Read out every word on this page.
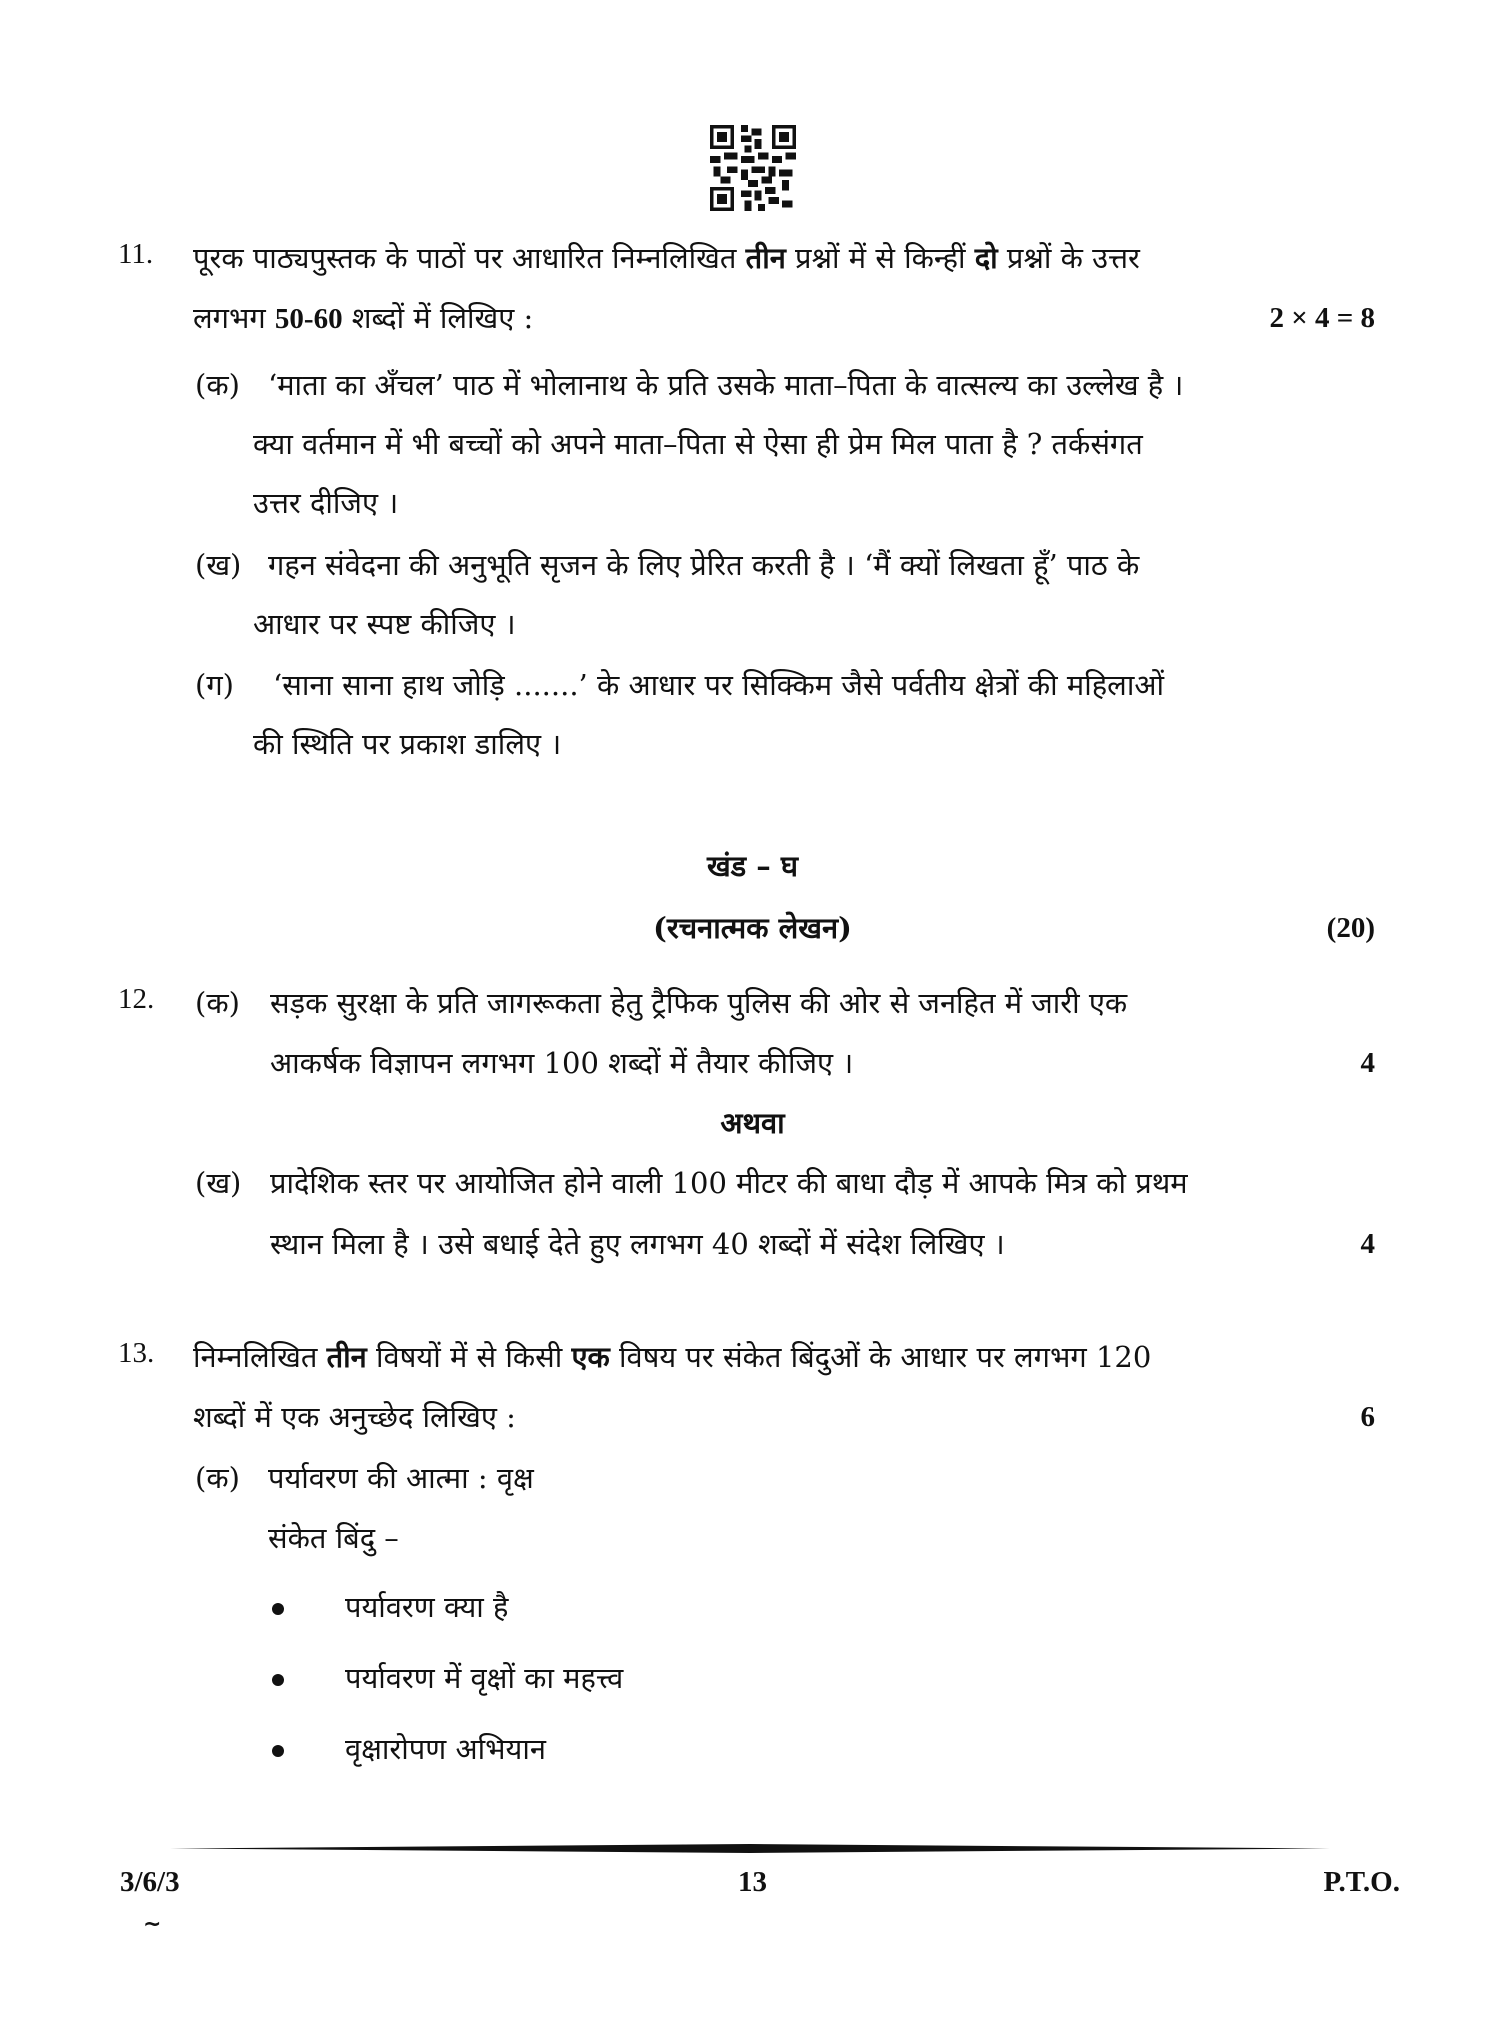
11. पूरक पाठ्यपुस्तक के पाठों पर आधारित निम्नलिखित तीन प्रश्नों में से किन्हीं दो प्रश्नों के उत्तर
लगभग 50-60 शब्दों में लिखिए :	2 × 4 = 8
(क) ‘माता का अँचल’ पाठ में भोलानाथ के प्रति उसके माता–पिता के वात्सल्य का उल्लेख है ।
क्या वर्तमान में भी बच्चों को अपने माता–पिता से ऐसा ही प्रेम मिल पाता है ? तर्कसंगत
उत्तर दीजिए ।
(ख) गहन संवेदना की अनुभूति सृजन के लिए प्रेरित करती है । ‘मैं क्यों लिखता हूँ’ पाठ के
आधार पर स्पष्ट कीजिए ।
(ग) ‘साना साना हाथ जोड़ि .......’ के आधार पर सिक्किम जैसे पर्वतीय क्षेत्रों की महिलाओं
की स्थिति पर प्रकाश डालिए ।
खंड – घ
(रचनात्मक लेखन)	(20)
12. (क) सड़क सुरक्षा के प्रति जागरूकता हेतु ट्रैफिक पुलिस की ओर से जनहित में जारी एक
आकर्षक विज्ञापन लगभग 100 शब्दों में तैयार कीजिए ।	4
अथवा
(ख) प्रादेशिक स्तर पर आयोजित होने वाली 100 मीटर की बाधा दौड़ में आपके मित्र को प्रथम
स्थान मिला है । उसे बधाई देते हुए लगभग 40 शब्दों में संदेश लिखिए ।	4
13. निम्नलिखित तीन विषयों में से किसी एक विषय पर संकेत बिंदुओं के आधार पर लगभग 120
शब्दों में एक अनुच्छेद लिखिए :	6
(क) पर्यावरण की आत्मा : वृक्ष
संकेत बिंदु –
पर्यावरण क्या है
पर्यावरण में वृक्षों का महत्त्व
वृक्षारोपण अभियान
3/6/3	13	P.T.O.
~
